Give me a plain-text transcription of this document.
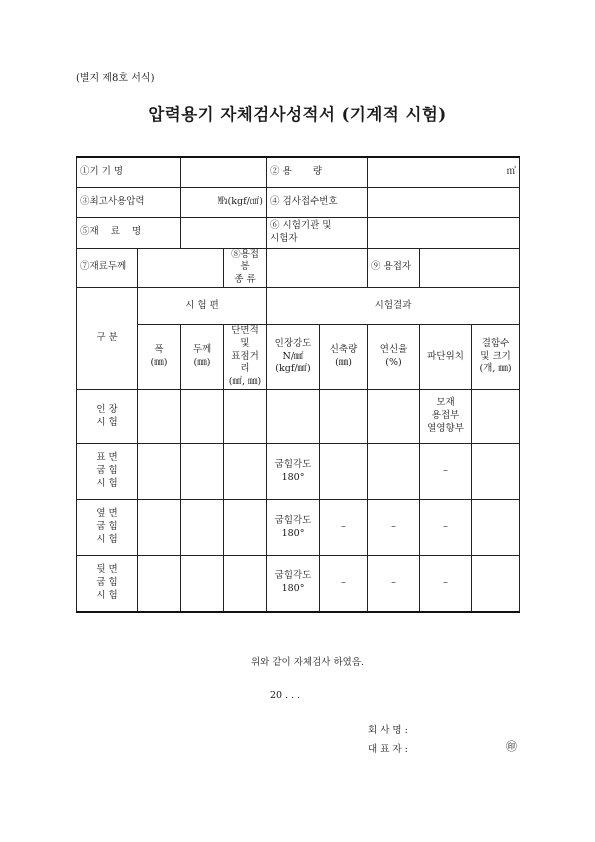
(별지 제8호 서식)
압력용기 자체검사성적서 (기계적 시험)
①기 기 명				② 용       량		㎥		
③최고사용압력		㎫(kgf/㎠)		④ 검사접수번호				
⑤재    료    명				⑥ 시험기관 및
시험자				
⑦재료두께			⑧용접봉
종 류			⑨ 용접자		
구 분	시 험 편			시험결과				
	폭
(㎜)	두께
(㎜)	단면적및
표점거리
(㎟, ㎜)	인장강도
N/㎟
(kgf/㎟)	신축량
(㎜)	연신율
(%)	파단위치	결함수
및 크기
(개, ㎜)
인 장
시 험							모재
용접부
열영향부	
표 면
굽 힘
시 험				굽힘각도
180°			–	
옆 면
굽 힘
시 험				굽힘각도
180°	–	–	–	
뒷 면
굽 힘
시 험				굽힘각도
180°	–	–	–	
위와 같이 자체검사 하였음.
20 . . .
회 사 명 :
대 표 자 :	㊞
